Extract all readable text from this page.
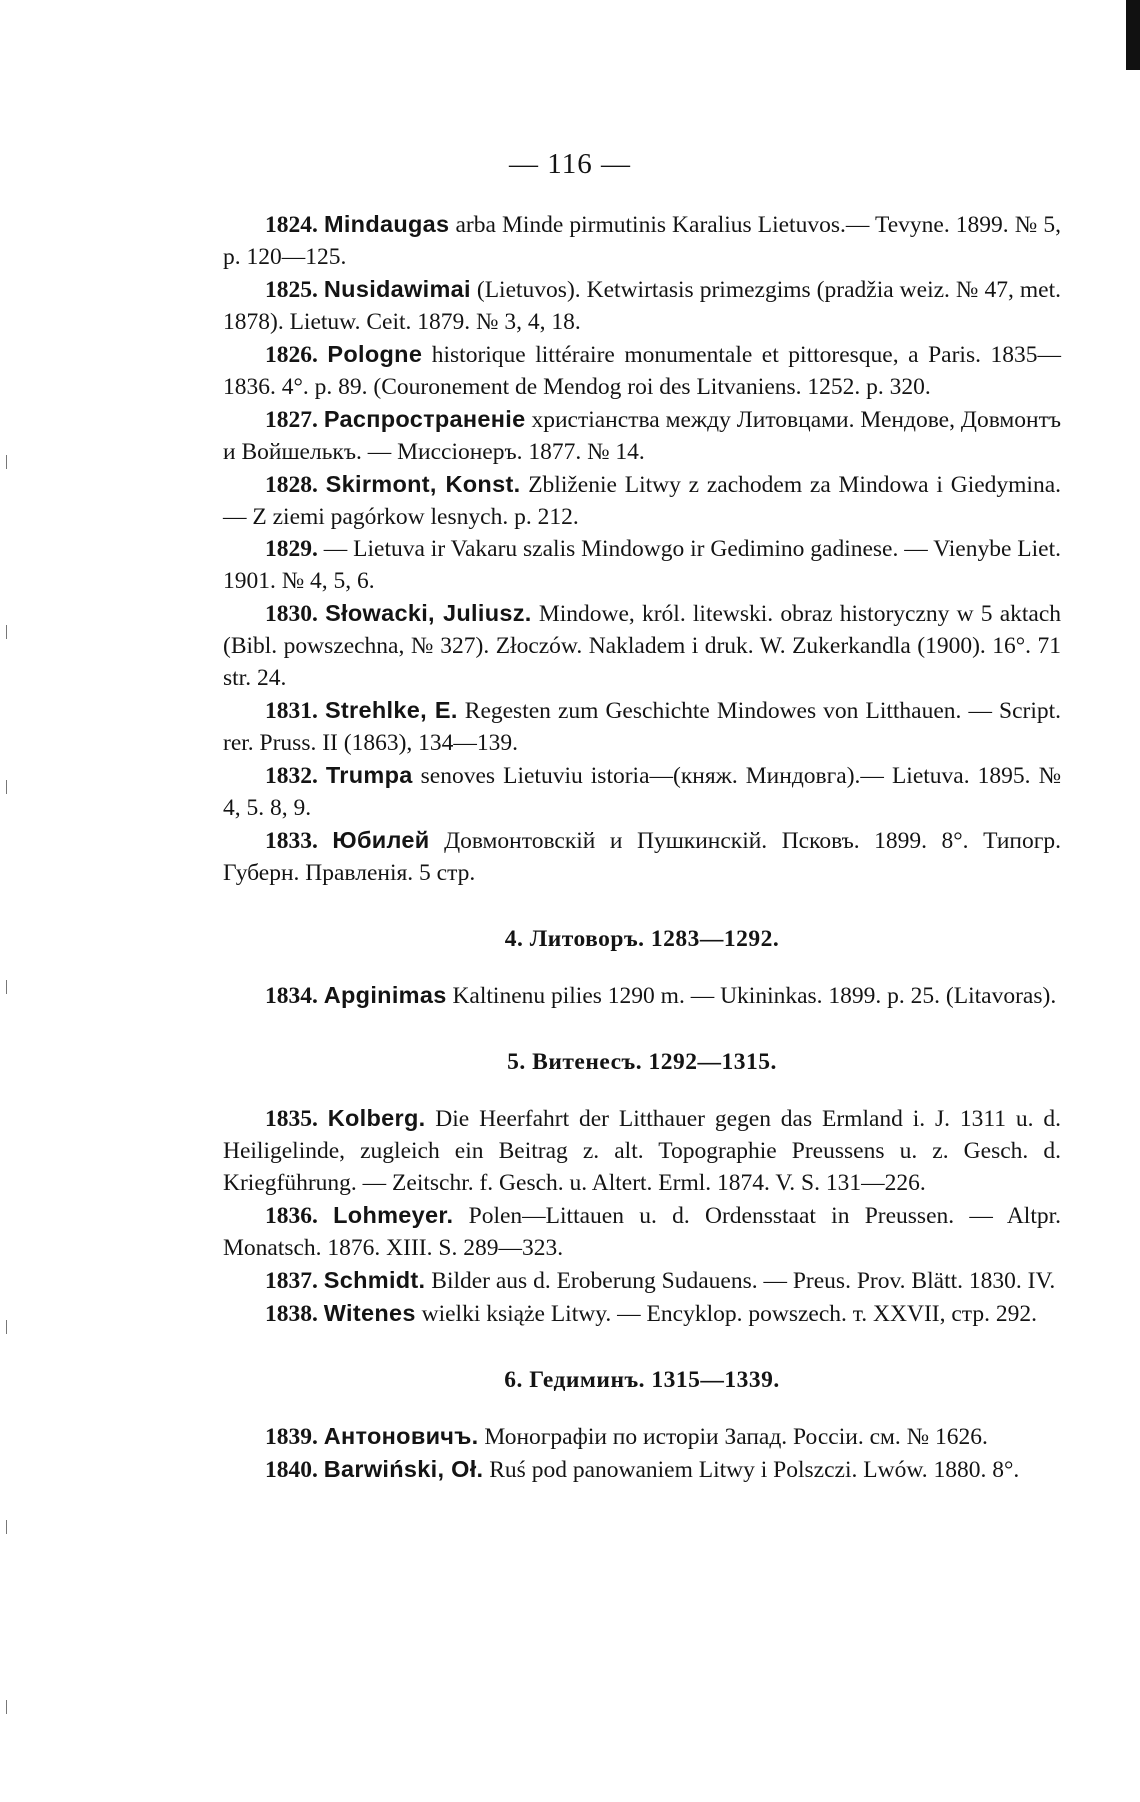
— 116 —

1824. Mindaugas arba Minde pirmutinis Karalius Lietuvos.— Tevyne. 1899. № 5, p. 120—125.

1825. Nusidawimai (Lietuvos). Ketwirtasis primezgims (pradžia weiz. № 47, met. 1878). Lietuw. Ceit. 1879. № 3, 4, 18.

1826. Pologne historique littéraire monumentale et pittoresque, a Paris. 1835—1836. 4°. p. 89. (Couronement de Mendog roi des Litvaniens. 1252. p. 320.

1827. Распространеніе христіанства между Литовцами. Мендове, Довмонтъ и Войшелькъ. — Миссіонеръ. 1877. № 14.

1828. Skirmont, Konst. Zbliženie Litwy z zachodem za Mindowa i Giedymina. — Z ziemi pagórkow lesnych. p. 212.

1829. — Lietuva ir Vakaru szalis Mindowgo ir Gedimino gadinese. — Vienybe Liet. 1901. № 4, 5, 6.

1830. Słowacki, Juliusz. Mindowe, król. litewski. obraz historyczny w 5 aktach (Bibl. powszechna, № 327). Złoczów. Nakladem i druk. W. Zukerkandla (1900). 16°. 71 str. 24.

1831. Strehlke, E. Regesten zum Geschichte Mindowes von Litthauen. — Script. rer. Pruss. II (1863), 134—139.

1832. Trumpa senoves Lietuviu istoria—(княж. Миндовга).— Lietuva. 1895. № 4, 5. 8, 9.

1833. Юбилей Довмонтовскій и Пушкинскій. Псковъ. 1899. 8°. Типогр. Губерн. Правленія. 5 стр.

4. Литоворъ. 1283—1292.

1834. Apginimas Kaltinenu pilies 1290 m. — Ukininkas. 1899. p. 25. (Litavoras).

5. Витенесъ. 1292—1315.

1835. Kolberg. Die Heerfahrt der Litthauer gegen das Ermland i. J. 1311 u. d. Heiligelinde, zugleich ein Beitrag z. alt. Topographie Preussens u. z. Gesch. d. Kriegführung. — Zeitschr. f. Gesch. u. Altert. Erml. 1874. V. S. 131—226.

1836. Lohmeyer. Polen—Littauen u. d. Ordensstaat in Preussen. — Altpr. Monatsch. 1876. XIII. S. 289—323.

1837. Schmidt. Bilder aus d. Eroberung Sudauens. — Preus. Prov. Blätt. 1830. IV.

1838. Witenes wielki książe Litwy. — Encyklop. powszech. т. XXVII, стр. 292.

6. Гедиминъ. 1315—1339.

1839. Антоновичъ. Монографіи по исторіи Запад. Россіи. см. № 1626.

1840. Barwiński, Oł. Ruś pod panowaniem Litwy i Polszczi. Lwów. 1880. 8°.
